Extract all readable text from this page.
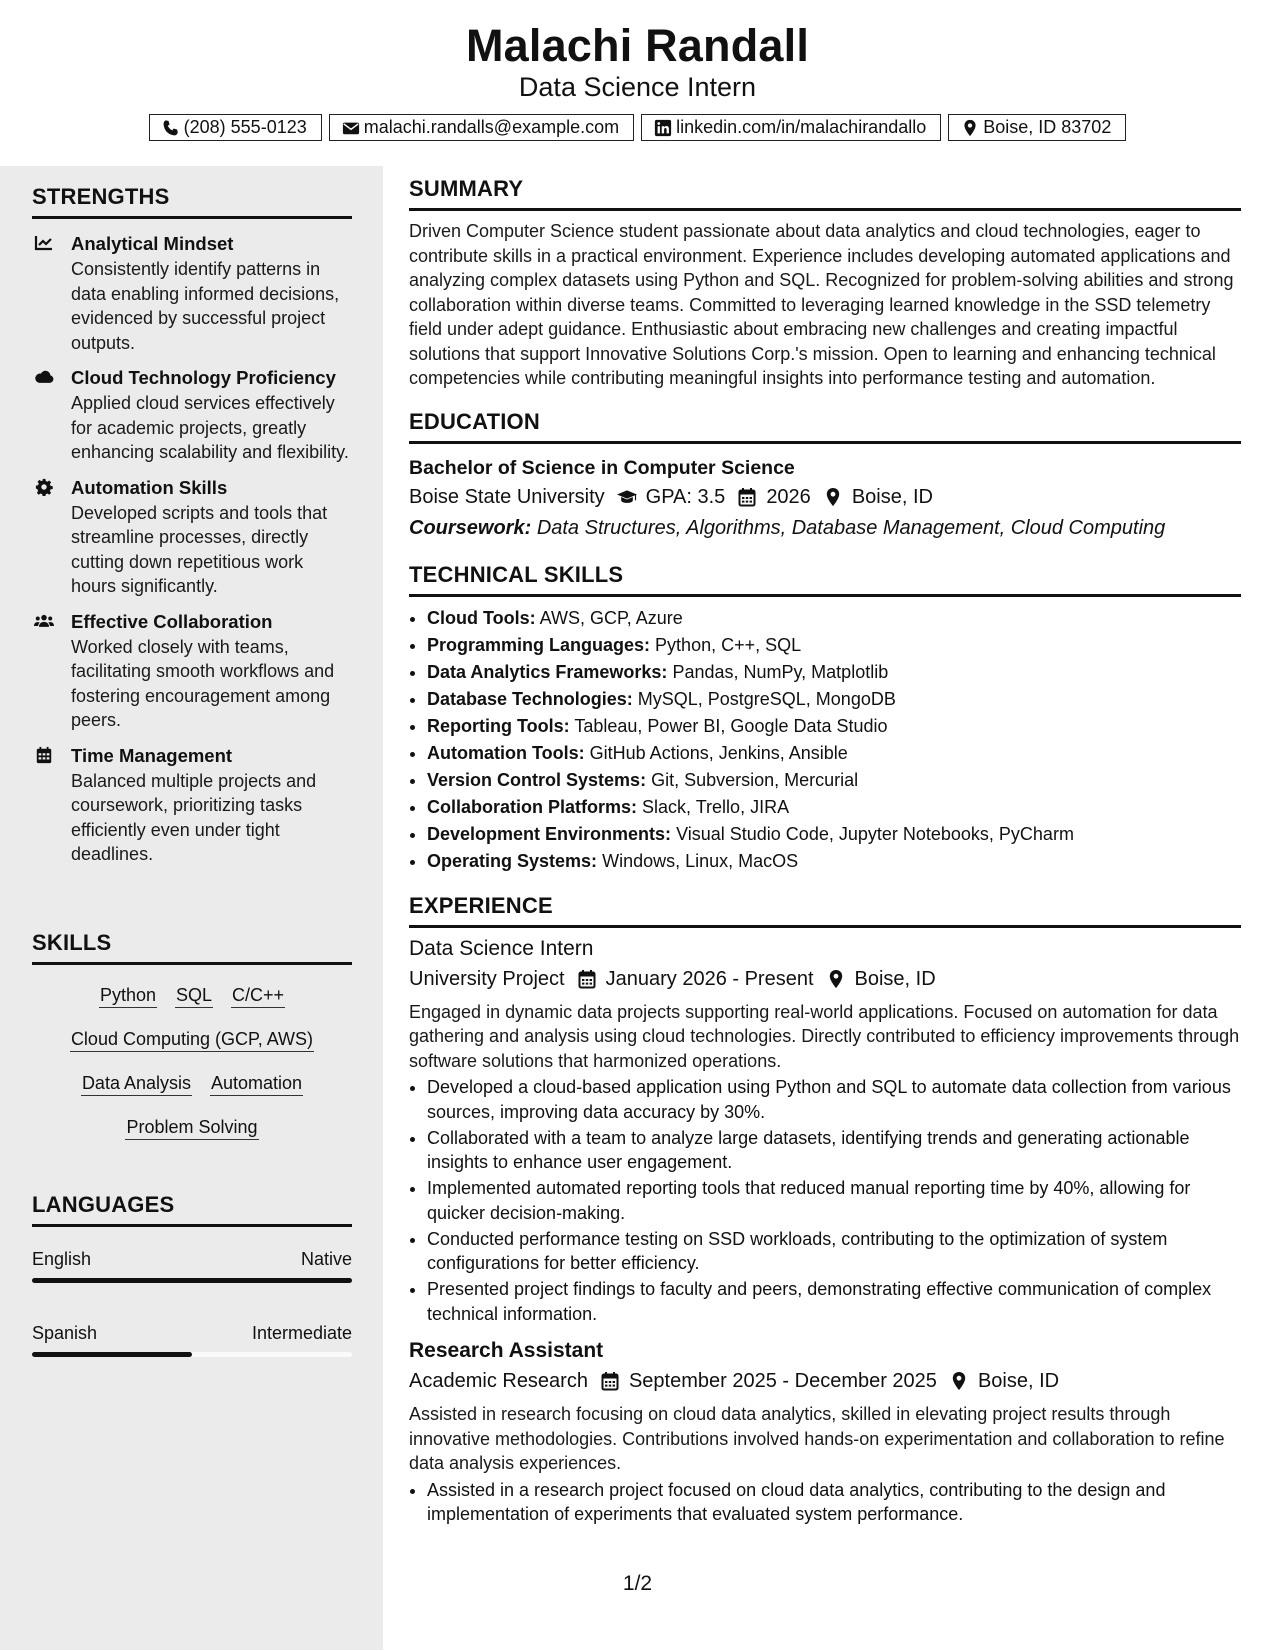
Malachi Randall
Data Science Intern
(208) 555-0123	malachi.randalls@example.com	linkedin.com/in/malachirandallo	Boise, ID 83702
STRENGTHS
Analytical Mindset
Consistently identify patterns in data enabling informed decisions, evidenced by successful project outputs.
Cloud Technology Proficiency
Applied cloud services effectively for academic projects, greatly enhancing scalability and flexibility.
Automation Skills
Developed scripts and tools that streamline processes, directly cutting down repetitious work hours significantly.
Effective Collaboration
Worked closely with teams, facilitating smooth workflows and fostering encouragement among peers.
Time Management
Balanced multiple projects and coursework, prioritizing tasks efficiently even under tight deadlines.
SKILLS
Python SQL C/C++
Cloud Computing (GCP, AWS)
Data Analysis Automation
Problem Solving
LANGUAGES
English	Native
Spanish	Intermediate
SUMMARY

Driven Computer Science student passionate about data analytics and cloud technologies, eager to contribute skills in a practical environment. Experience includes developing automated applications and analyzing complex datasets using Python and SQL. Recognized for problem-solving abilities and strong collaboration within diverse teams. Committed to leveraging learned knowledge in the SSD telemetry field under adept guidance. Enthusiastic about embracing new challenges and creating impactful solutions that support Innovative Solutions Corp.'s mission. Open to learning and enhancing technical competencies while contributing meaningful insights into performance testing and automation.

EDUCATION
Bachelor of Science in Computer Science
Boise State University GPA: 3.5 2026 Boise, ID
Coursework: Data Structures, Algorithms, Database Management, Cloud Computing
TECHNICAL SKILLS
• Cloud Tools: AWS, GCP, Azure
• Programming Languages: Python, C++, SQL
• Data Analytics Frameworks: Pandas, NumPy, Matplotlib
• Database Technologies: MySQL, PostgreSQL, MongoDB
• Reporting Tools: Tableau, Power BI, Google Data Studio
• Automation Tools: GitHub Actions, Jenkins, Ansible
• Version Control Systems: Git, Subversion, Mercurial
• Collaboration Platforms: Slack, Trello, JIRA
• Development Environments: Visual Studio Code, Jupyter Notebooks, PyCharm
• Operating Systems: Windows, Linux, MacOS
EXPERIENCE
Data Science Intern
University Project January 2026 - Present Boise, ID

Engaged in dynamic data projects supporting real-world applications. Focused on automation for data gathering and analysis using cloud technologies. Directly contributed to efficiency improvements through software solutions that harmonized operations.

• Developed a cloud-based application using Python and SQL to automate data collection from various sources, improving data accuracy by 30%.
• Collaborated with a team to analyze large datasets, identifying trends and generating actionable insights to enhance user engagement.
• Implemented automated reporting tools that reduced manual reporting time by 40%, allowing for quicker decision-making.
• Conducted performance testing on SSD workloads, contributing to the optimization of system configurations for better efficiency.
• Presented project findings to faculty and peers, demonstrating effective communication of complex technical information.
Research Assistant
Academic Research September 2025 - December 2025 Boise, ID

Assisted in research focusing on cloud data analytics, skilled in elevating project results through innovative methodologies. Contributions involved hands-on experimentation and collaboration to refine data analysis experiences.

• Assisted in a research project focused on cloud data analytics, contributing to the design and implementation of experiments that evaluated system performance.
1/2
